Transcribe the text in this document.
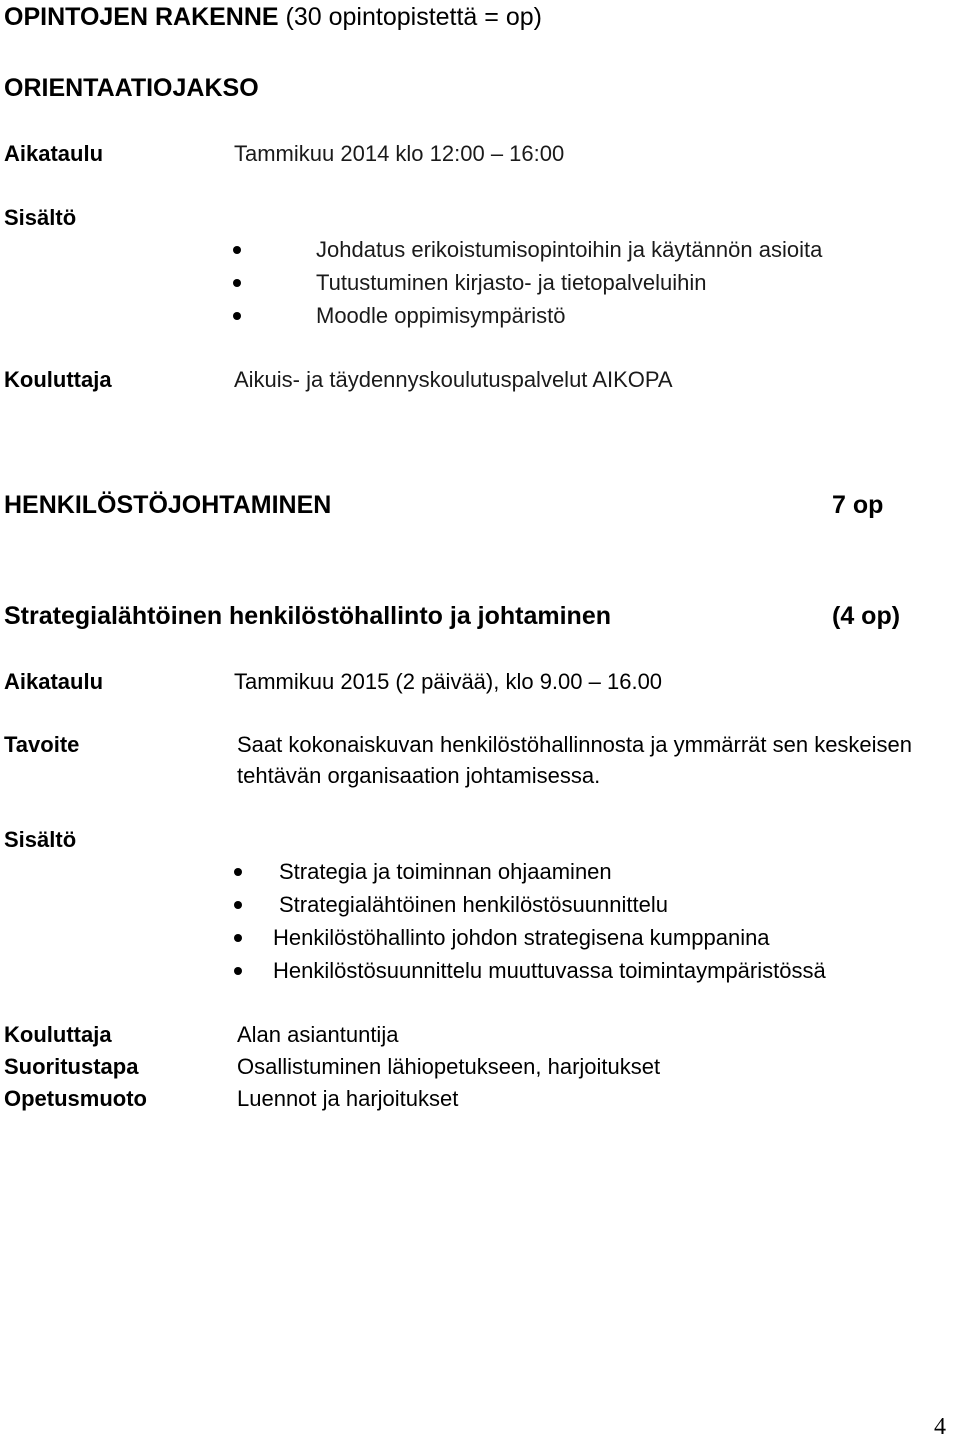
OPINTOJEN RAKENNE (30 opintopistettä = op)
ORIENTAATIOJAKSO
Aikataulu	Tammikuu 2014 klo 12:00 – 16:00
Sisältö
Johdatus erikoistumisopintoihin ja käytännön asioita
Tutustuminen kirjasto- ja tietopalveluihin
Moodle oppimisympäristö
Kouluttaja	Aikuis- ja täydennyskoulutuspalvelut AIKOPA
HENKILÖSTÖJOHTAMINEN	7 op
Strategialähtöinen henkilöstöhallinto ja johtaminen	(4 op)
Aikataulu	Tammikuu 2015 (2 päivää), klo 9.00 – 16.00
Tavoite	Saat kokonaiskuvan henkilöstöhallinnosta ja ymmärrät sen keskeisen
tehtävän organisaation johtamisessa.
Sisältö
Strategia ja toiminnan ohjaaminen
Strategialähtöinen henkilöstösuunnittelu
Henkilöstöhallinto johdon strategisena kumppanina
Henkilöstösuunnittelu muuttuvassa toimintaympäristössä
Kouluttaja	Alan asiantuntija
Suoritustapa	Osallistuminen lähiopetukseen, harjoitukset
Opetusmuoto	Luennot ja harjoitukset
4
